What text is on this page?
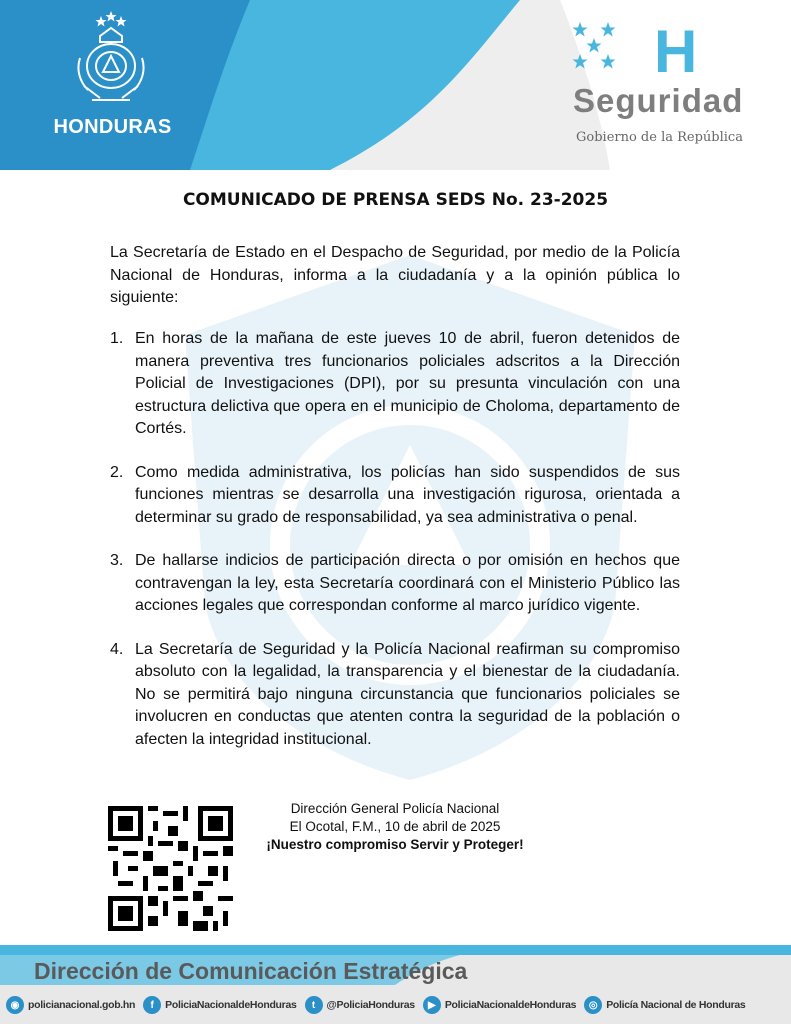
HONDURAS
H
Seguridad
Gobierno de la República
COMUNICADO DE PRENSA SEDS No. 23-2025

La Secretaría de Estado en el Despacho de Seguridad, por medio de la Policía Nacional de Honduras, informa a la ciudadanía y a la opinión pública lo siguiente:

1. En horas de la mañana de este jueves 10 de abril, fueron detenidos de manera preventiva tres funcionarios policiales adscritos a la Dirección Policial de Investigaciones (DPI), por su presunta vinculación con una estructura delictiva que opera en el municipio de Choloma, departamento de Cortés.
2. Como medida administrativa, los policías han sido suspendidos de sus funciones mientras se desarrolla una investigación rigurosa, orientada a determinar su grado de responsabilidad, ya sea administrativa o penal.
3. De hallarse indicios de participación directa o por omisión en hechos que contravengan la ley, esta Secretaría coordinará con el Ministerio Público las acciones legales que correspondan conforme al marco jurídico vigente.
4. La Secretaría de Seguridad y la Policía Nacional reafirman su compromiso absoluto con la legalidad, la transparencia y el bienestar de la ciudadanía. No se permitirá bajo ninguna circunstancia que funcionarios policiales se involucren en conductas que atenten contra la seguridad de la población o afecten la integridad institucional.
Dirección General Policía Nacional
El Ocotal, F.M., 10 de abril de 2025
¡Nuestro compromiso Servir y Proteger!
Dirección de Comunicación Estratégica
◉ policianacional.gob.hn	f	PoliciaNacionaldeHonduras	t	@PoliciaHonduras	▶ PoliciaNacionaldeHonduras	◎ Policía Nacional de Honduras
